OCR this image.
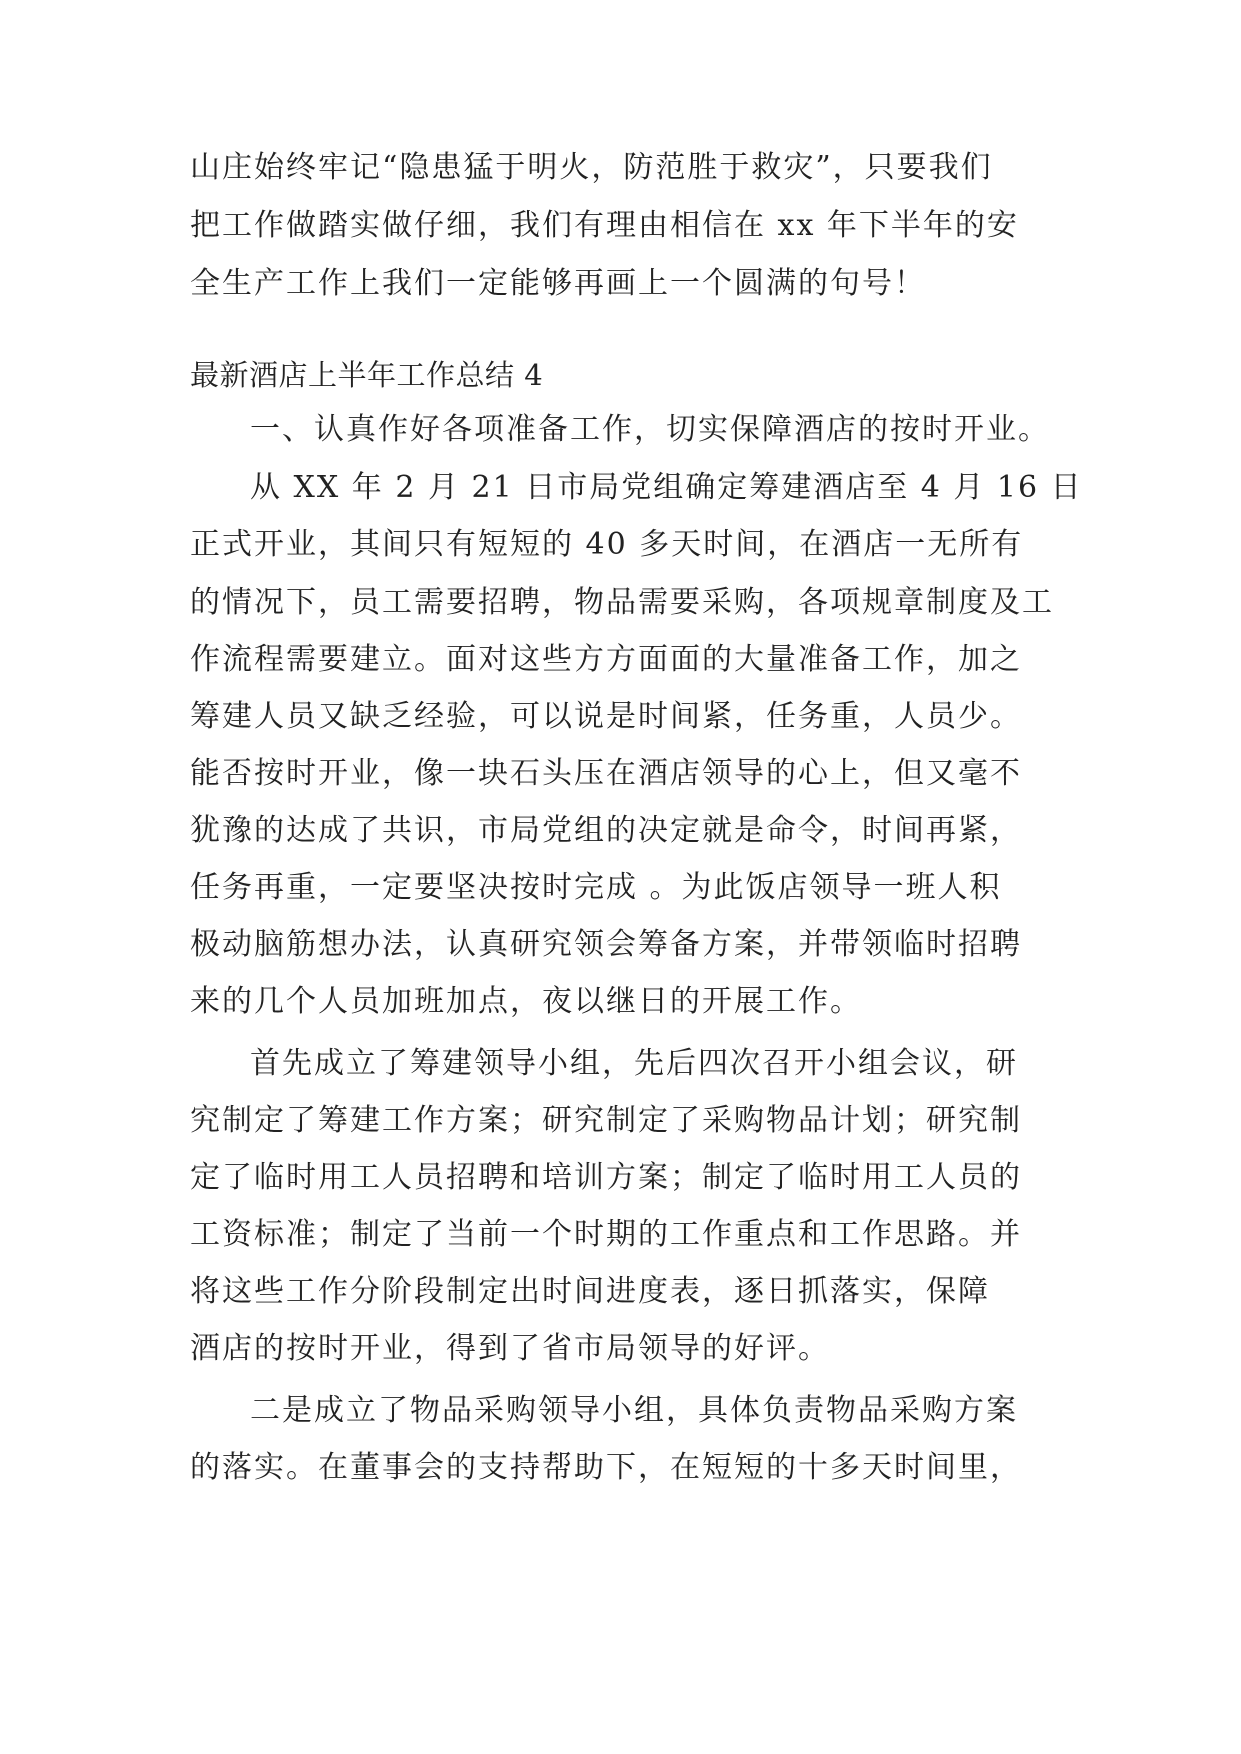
山庄始终牢记“隐患猛于明火，防范胜于救灾”，只要我们
把工作做踏实做仔细，我们有理由相信在 xx 年下半年的安
全生产工作上我们一定能够再画上一个圆满的句号！
最新酒店上半年工作总结 4
一、认真作好各项准备工作，切实保障酒店的按时开业。
从 XX 年 2 月 21 日市局党组确定筹建酒店至 4 月 16 日
正式开业，其间只有短短的 40 多天时间，在酒店一无所有
的情况下，员工需要招聘，物品需要采购，各项规章制度及工
作流程需要建立。面对这些方方面面的大量准备工作，加之
筹建人员又缺乏经验，可以说是时间紧，任务重，人员少。
能否按时开业，像一块石头压在酒店领导的心上，但又毫不
犹豫的达成了共识，市局党组的决定就是命令，时间再紧，
任务再重，一定要坚决按时完成 。为此饭店领导一班人积
极动脑筋想办法，认真研究领会筹备方案，并带领临时招聘
来的几个人员加班加点，夜以继日的开展工作。
首先成立了筹建领导小组，先后四次召开小组会议，研
究制定了筹建工作方案；研究制定了采购物品计划；研究制
定了临时用工人员招聘和培训方案；制定了临时用工人员的
工资标准；制定了当前一个时期的工作重点和工作思路。并
将这些工作分阶段制定出时间进度表，逐日抓落实，保障
酒店的按时开业，得到了省市局领导的好评。
二是成立了物品采购领导小组，具体负责物品采购方案
的落实。在董事会的支持帮助下，在短短的十多天时间里，
